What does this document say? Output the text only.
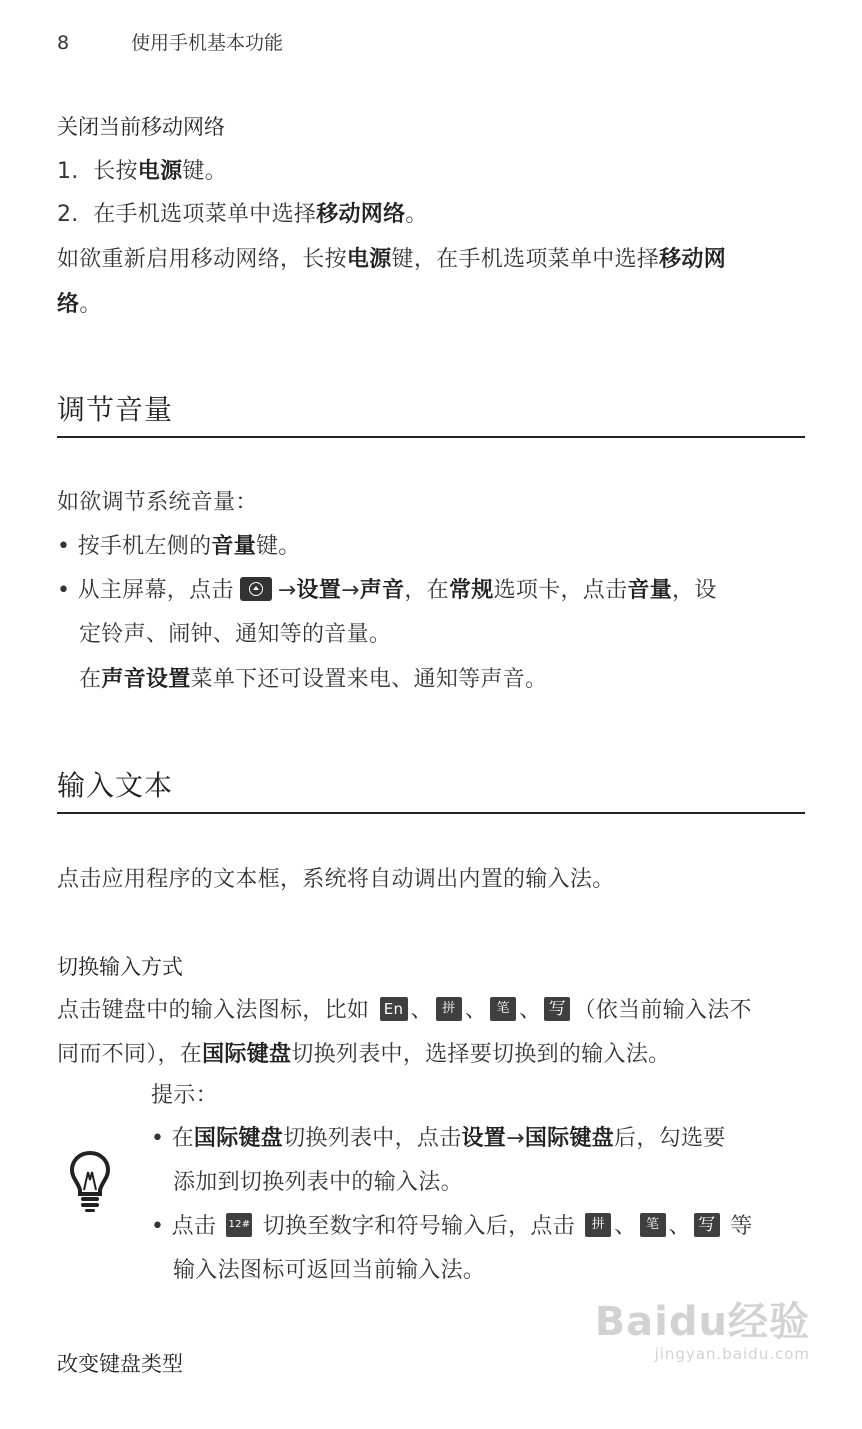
8	使用手机基本功能
关闭当前移动网络
1. 长按电源键。
2. 在手机选项菜单中选择移动网络。
如欲重新启用移动网络，长按电源键，在手机选项菜单中选择移动网
络。
调节音量
如欲调节系统音量：
• 按手机左侧的音量键。
• 从主屏幕，点击 →设置→声音，在常规选项卡，点击音量，设
定铃声、闹钟、通知等的音量。
在声音设置菜单下还可设置来电、通知等声音。
输入文本
点击应用程序的文本框，系统将自动调出内置的输入法。
切换输入方式
点击键盘中的输入法图标，比如 En 、 拼 、 笔 、 写 （依当前输入法不
同而不同），在国际键盘切换列表中，选择要切换到的输入法。
提示：
• 在国际键盘切换列表中，点击设置→国际键盘后，勾选要
添加到切换列表中的输入法。
• 点击 12# 切换至数字和符号输入后，点击 拼 、 笔 、 写 等
输入法图标可返回当前输入法。
改变键盘类型
Baidu经验
jingyan.baidu.com
